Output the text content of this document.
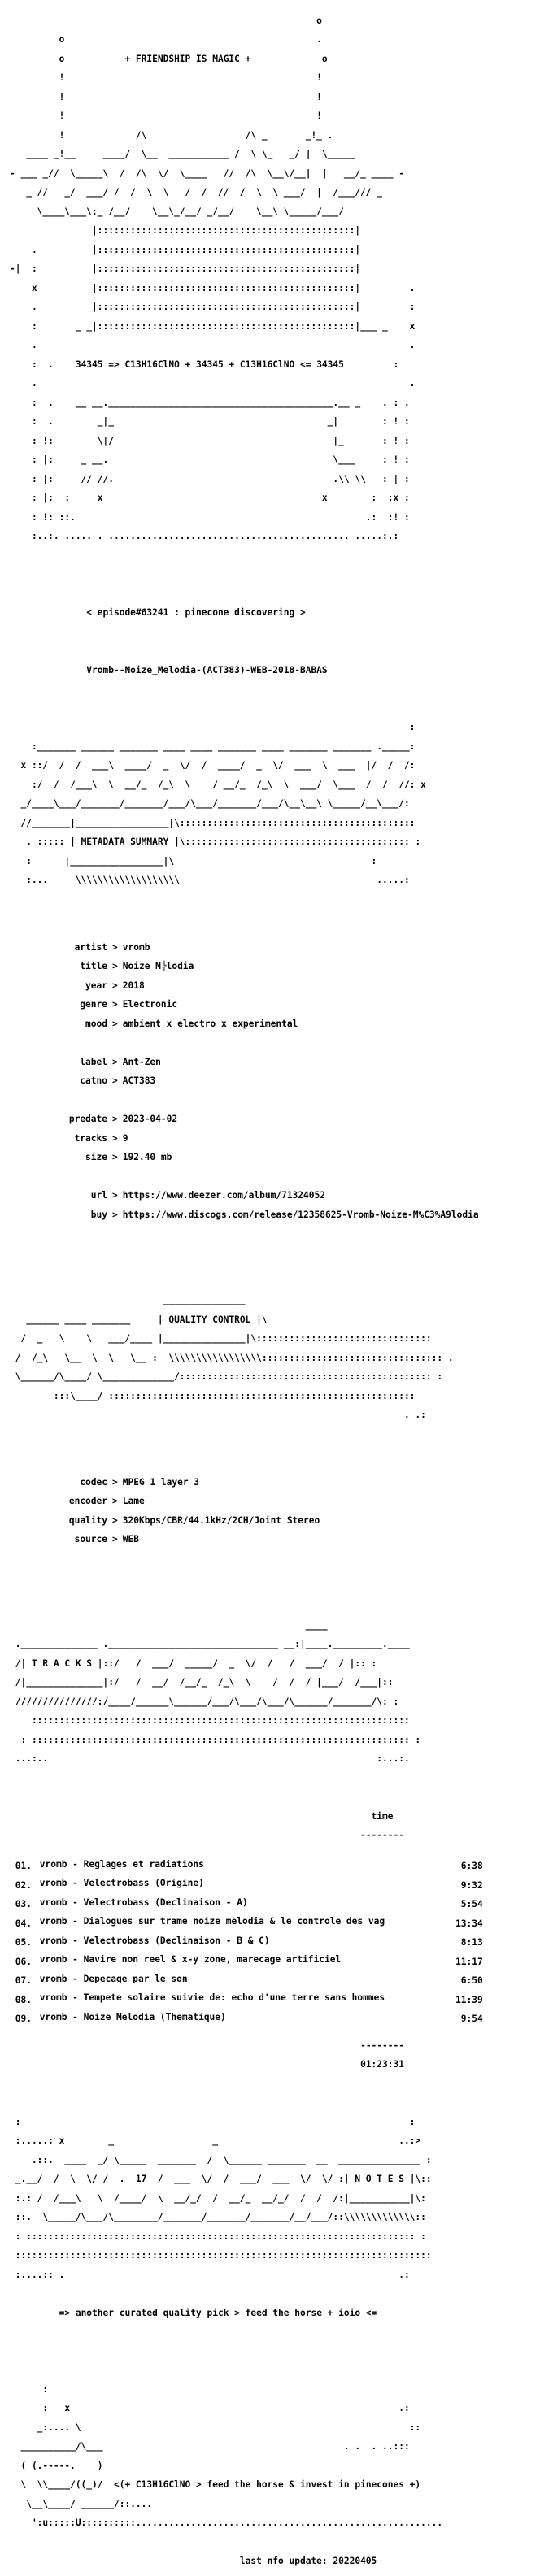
o

o                                              .

o           + FRIENDSHIP IS MAGIC +             o

!                                              !

!                                              !

!                                              !

!             /\                  /\ _       _!_ .

____ _!__     ____/  \__  ___________ /  \ \_   _/ |  \_____

- ___ _//  \_____\  /  /\  \/  \____   //  /\  \__\/__|  |   __/_ ____ -

_ //   _/  ___/ /  /  \  \   /  /  //  /  \  \ ___/  |  /___/// _

\____\___\:_ /__/    \__\_/__/ _/__/    \__\ \_____/___/

|:::::::::::::::::::::::::::::::::::::::::::::::|

.          |:::::::::::::::::::::::::::::::::::::::::::::::|

-|  :          |:::::::::::::::::::::::::::::::::::::::::::::::|

x          |:::::::::::::::::::::::::::::::::::::::::::::::|         .

.          |:::::::::::::::::::::::::::::::::::::::::::::::|         :

:       _ _|:::::::::::::::::::::::::::::::::::::::::::::::|___ _    x

.                                                                    .

:  .    34345 => C13H16ClNO + 34345 + C13H16ClNO <= 34345         :

.                                                                    .

:  .    __ __._________________________________________.__ _    . : .

:  .        _|_                                       _|        : ! :

: !:        \|/                                        |_       : ! :

: |:     _ __.                                         \___     : ! :

: |:     // //.                                        .\\ \\   : | :

: |:  :     x                                        x        :  :x :

: !: ::.                                                     .:  :! :

:..:. ..... . ............................................ .....:.:

< episode#63241 : pinecone discovering >

Vromb--Noize_Melodia-(ACT383)-WEB-2018-BABAS

:

:_______ ______ _______ ____ ____ _______ ____ _______ _______ ._____:

x ::/  /  /  ___\  ____/  _  \/  /  ____/  _  \/  ___  \  ___  |/  /  /:

:/  /  /___\  \  __/_  /_\  \    / __/_  /_\  \  ___/  \___  /  /  //: x

_/____\___/_______/_______/___/\___/_______/___/\__\__\ \_____/__\___/:

//_______|_________________|\:::::::::::::::::::::::::::::::::::::::::::

. ::::: | METADATA SUMMARY |\::::::::::::::::::::::::::::::::::::::::: :

:      |_________________|\                                    :

:...     \\\\\\\\\\\\\\\\\\\                                    .....:

artist > vromb

title > Noize M╠lodia

year > 2018

genre > Electronic

mood > ambient x electro x experimental

label > Ant-Zen

catno > ACT383

predate > 2023-04-02

tracks > 9

size > 192.40 mb

url > https://www.deezer.com/album/71324052

buy > https://www.discogs.com/release/12358625-Vromb-Noize-M%C3%A9lodia

_______________

______ ____ _______     | QUALITY CONTROL |\

/  _   \    \   ___/____ |_______________|\::::::::::::::::::::::::::::::::

/  /_\   \__  \  \   \__ :  \\\\\\\\\\\\\\\\\::::::::::::::::::::::::::::::::: .

\______/\____/ \_____________/:::::::::::::::::::::::::::::::::::::::::::::: :

:::\____/ ::::::::::::::::::::::::::::::::::::::::::::::::::::::::

. .:

codec > MPEG 1 layer 3

encoder > Lame

quality > 320Kbps/CBR/44.1kHz/2CH/Joint Stereo

source > WEB

____

.______________ ._______________________________ __:|____._________.____

/| T R A C K S |::/   /  ___/  _____/  _  \/  /   /  ___/  / |:: :

/|______________|:/   /  __/  /__/_  /_\  \    /  /  / |___/  /___|::

///////////////:/____/______\______/___/\___/\___/\______/_______/\: :

:::::::::::::::::::::::::::::::::::::::::::::::::::::::::::::::::::::

: ::::::::::::::::::::::::::::::::::::::::::::::::::::::::::::::::::::: :

...:..                                                            :...:.

time

--------

01. vromb - Reglages et radiations	6:38

02. vromb - Velectrobass (Origine)	9:32

03. vromb - Velectrobass (Declinaison - A)	5:54

04. vromb - Dialogues sur trame noize melodia & le controle des vag	13:34

05. vromb - Velectrobass (Declinaison - B & C)	8:13

06. vromb - Navire non reel & x-y zone, marecage artificiel	11:17

07. vromb - Depecage par le son	6:50

08. vromb - Tempete solaire suivie de: echo d'une terre sans hommes	11:39

09. vromb - Noize Melodia (Thematique)	9:54

--------

01:23:31

:                                                                       :

:.....: x        _                  _                                 ..:>

.::.  ____  _/ \_____  _______  /  \______ _______  __  _______________ :

_.__/  /  \  \/ /  .  17  /  ___  \/  /  ___/  ___  \/  \/ :| N O T E S |\::

:.: /  /___\   \  /____/  \  __/_/  /  __/_  __/_/  /  /  /:|___________|\:

::.  \_____/\___/\________/_______/_______/_______/__/___/::\\\\\\\\\\\\\::

: ::::::::::::::::::::::::::::::::::::::::::::::::::::::::::::::::::::::: :

::::::::::::::::::::::::::::::::::::::::::::::::::::::::::::::::::::::::::::

:....:: .                                                             .:

=> another curated quality pick > feed the horse + ioio <=

:

:   x                                                            .:

_:.... \                                                            ::

__________/\___                                            . .  . ..:::

( (.-----.    )

\  \\____/((_)/  <(+ C13H16ClNO > feed the horse & invest in pinecones +)

\__\____/ ______/::....

':u:::::U::::::::::........................................................

last nfo update: 20220405
